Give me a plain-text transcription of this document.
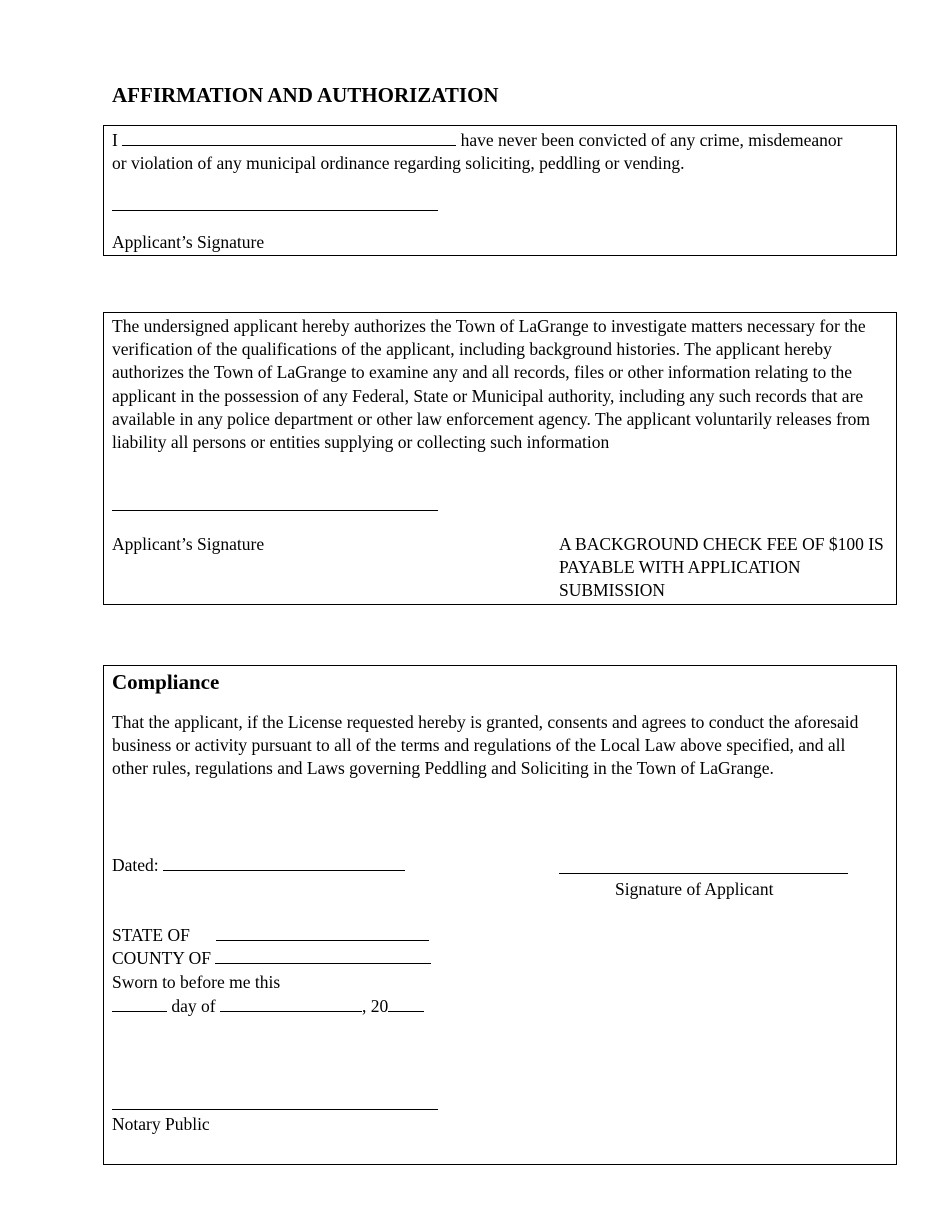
AFFIRMATION AND AUTHORIZATION
I	have never been convicted of any crime, misdemeanor
or violation of any municipal ordinance regarding soliciting, peddling or vending.
Applicant’s Signature
The undersigned applicant hereby authorizes the Town of LaGrange to investigate matters necessary for the verification of the qualifications of the applicant, including background histories. The applicant hereby authorizes the Town of LaGrange to examine any and all records, files or other information relating to the applicant in the possession of any Federal, State or Municipal authority, including any such records that are available in any police department or other law enforcement agency. The applicant voluntarily releases from liability all persons or entities supplying or collecting such information
Applicant’s Signature	A BACKGROUND CHECK FEE OF $100 IS PAYABLE WITH APPLICATION SUBMISSION
Compliance
That the applicant, if the License requested hereby is granted, consents and agrees to conduct the aforesaid business or activity pursuant to all of the terms and regulations of the Local Law above specified, and all other rules, regulations and Laws governing Peddling and Soliciting in the Town of LaGrange.
Dated:
Signature of Applicant
STATE OF
COUNTY OF
Sworn to before me this
day of	, 20
Notary Public
